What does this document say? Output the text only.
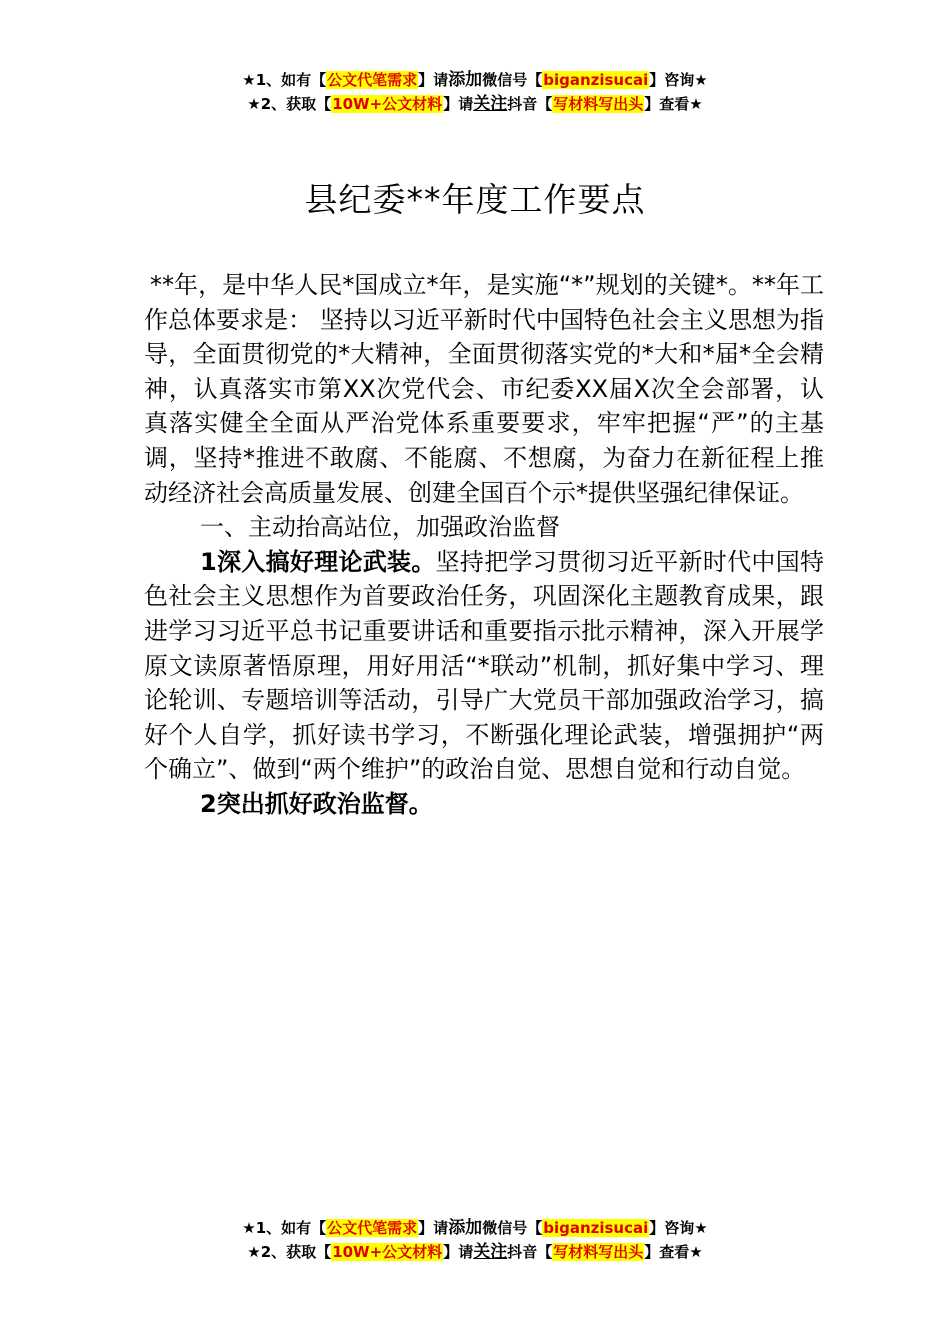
★1、如有【公文代笔需求】请添加微信号【biganzisucai】咨询★
★2、获取【10W+公文材料】请关注抖音【写材料写出头】查看★
县纪委**年度工作要点

**年，是中华人民*国成立*年，是实施“*”规划的关键*。**年工作总体要求是： 坚持以习近平新时代中国特色社会主义思想为指导，全面贯彻党的*大精神，全面贯彻落实党的*大和*届*全会精神，认真落实市第XX次党代会、市纪委XX届X次全会部署，认真落实健全全面从严治党体系重要要求，牢牢把握“严”的主基调，坚持*推进不敢腐、不能腐、不想腐，为奋力在新征程上推动经济社会高质量发展、创建全国百个示*提供坚强纪律保证。

一、主动抬高站位，加强政治监督

1深入搞好理论武装。坚持把学习贯彻习近平新时代中国特色社会主义思想作为首要政治任务，巩固深化主题教育成果，跟进学习习近平总书记重要讲话和重要指示批示精神，深入开展学原文读原著悟原理，用好用活“*联动”机制，抓好集中学习、理论轮训、专题培训等活动，引导广大党员干部加强政治学习，搞好个人自学，抓好读书学习，不断强化理论武装，增强拥护“两个确立”、做到“两个维护”的政治自觉、思想自觉和行动自觉。

2突出抓好政治监督。

★1、如有【公文代笔需求】请添加微信号【biganzisucai】咨询★
★2、获取【10W+公文材料】请关注抖音【写材料写出头】查看★
